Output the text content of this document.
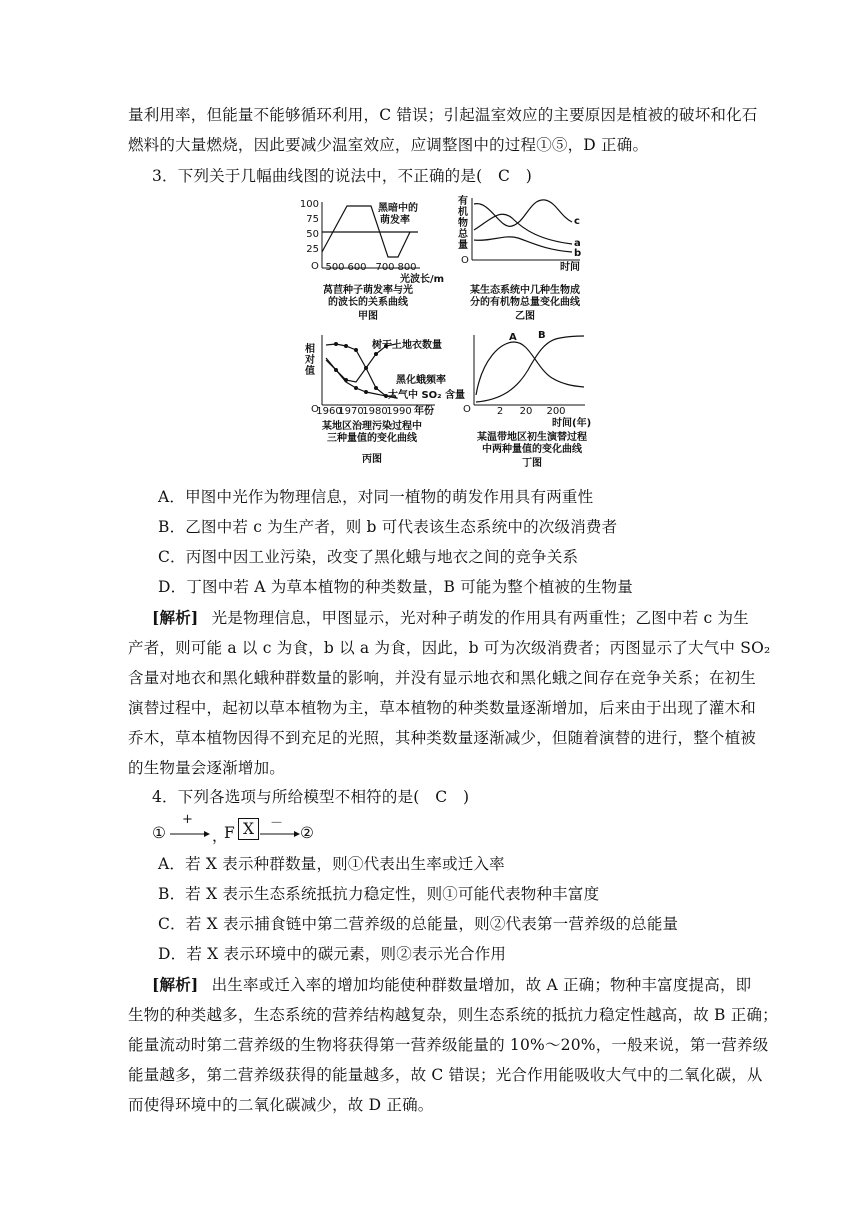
量利用率，但能量不能够循环利用，C 错误；引起温室效应的主要原因是植被的破坏和化石
燃料的大量燃烧，因此要减少温室效应，应调整图中的过程①⑤，D 正确。
3．下列关于几幅曲线图的说法中，不正确的是(　C　)
100
75
50
25
O 500 600 700 800
光波长/m
黑暗中的
萌发率
莴苣种子萌发率与光
的波长的关系曲线
甲图
有
机
物
总
量
O
时间
c
a
b
某生态系统中几种生物成
分的有机物总量变化曲线
乙图
相
对
值
O
1960
1970
1980
1990 年份
树干上地衣数量
黑化蛾频率
大气中 SO₂ 含量
某地区治理污染过程中
三种量值的变化曲线
丙图
O	2 20 200
时间(年)
A B
某温带地区初生演替过程
中两种量值的变化曲线
丁图
A．甲图中光作为物理信息，对同一植物的萌发作用具有两重性
B．乙图中若 c 为生产者，则 b 可代表该生态系统中的次级消费者
C．丙图中因工业污染，改变了黑化蛾与地衣之间的竞争关系
D．丁图中若 A 为草本植物的种类数量，B 可能为整个植被的生物量
[解析] 光是物理信息，甲图显示，光对种子萌发的作用具有两重性；乙图中若 c 为生
产者，则可能 a 以 c 为食，b 以 a 为食，因此，b 可为次级消费者；丙图显示了大气中 SO₂
含量对地衣和黑化蛾种群数量的影响，并没有显示地衣和黑化蛾之间存在竞争关系；在初生
演替过程中，起初以草本植物为主，草本植物的种类数量逐渐增加，后来由于出现了灌木和
乔木，草本植物因得不到充足的光照，其种类数量逐渐减少，但随着演替的进行，整个植被
的生物量会逐渐增加。
4．下列各选项与所给模型不相符的是(　C　)
①
+
，
F X	－
②
A．若 X 表示种群数量，则①代表出生率或迁入率
B．若 X 表示生态系统抵抗力稳定性，则①可能代表物种丰富度
C．若 X 表示捕食链中第二营养级的总能量，则②代表第一营养级的总能量
D．若 X 表示环境中的碳元素，则②表示光合作用
[解析] 出生率或迁入率的增加均能使种群数量增加，故 A 正确；物种丰富度提高，即
生物的种类越多，生态系统的营养结构越复杂，则生态系统的抵抗力稳定性越高，故 B 正确；
能量流动时第二营养级的生物将获得第一营养级能量的 10%～20%，一般来说，第一营养级
能量越多，第二营养级获得的能量越多，故 C 错误；光合作用能吸收大气中的二氧化碳，从
而使得环境中的二氧化碳减少，故 D 正确。
